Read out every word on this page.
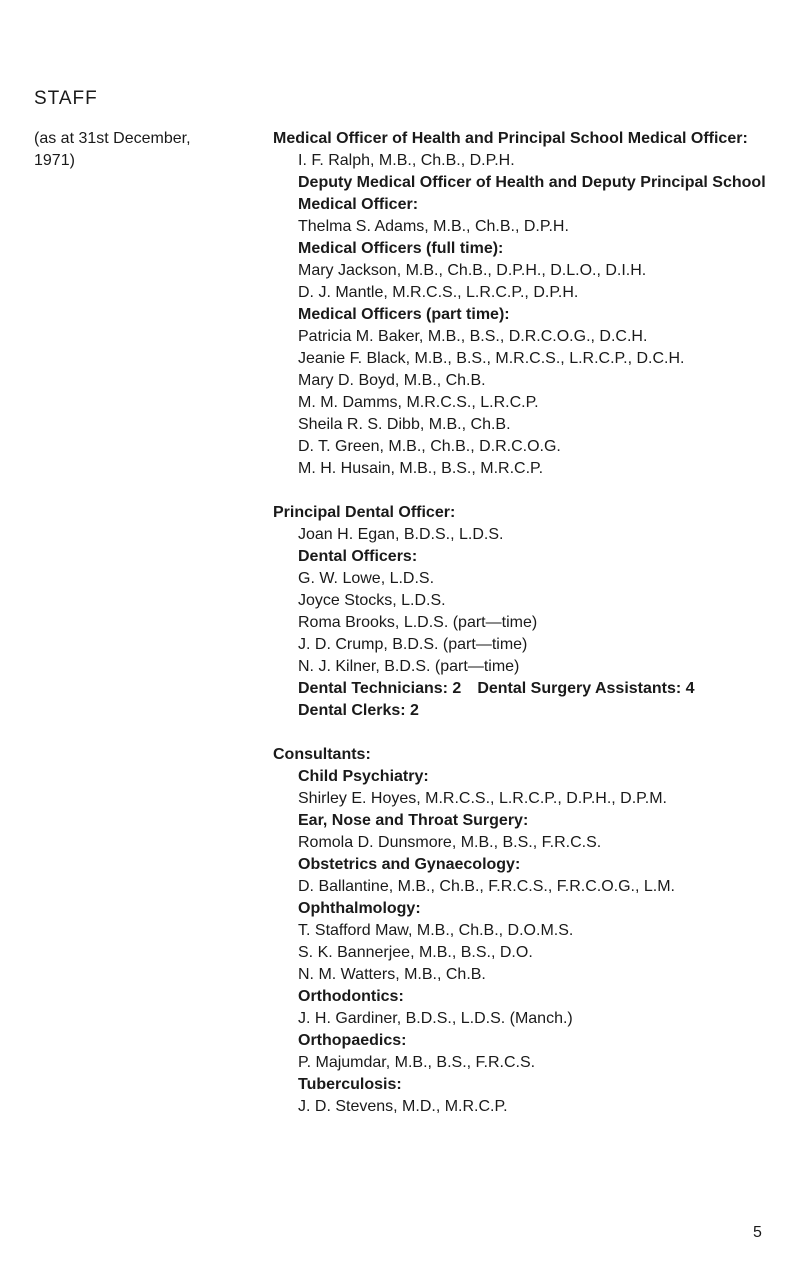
STAFF
(as at 31st December,
1971)
Medical Officer of Health and Principal School Medical Officer:
I. F. Ralph, M.B., Ch.B., D.P.H.
Deputy Medical Officer of Health and Deputy Principal School Medical Officer:
Thelma S. Adams, M.B., Ch.B., D.P.H.
Medical Officers (full time):
Mary Jackson, M.B., Ch.B., D.P.H., D.L.O., D.I.H.
D. J. Mantle, M.R.C.S., L.R.C.P., D.P.H.
Medical Officers (part time):
Patricia M. Baker, M.B., B.S., D.R.C.O.G., D.C.H.
Jeanie F. Black, M.B., B.S., M.R.C.S., L.R.C.P., D.C.H.
Mary D. Boyd, M.B., Ch.B.
M. M. Damms, M.R.C.S., L.R.C.P.
Sheila R. S. Dibb, M.B., Ch.B.
D. T. Green, M.B., Ch.B., D.R.C.O.G.
M. H. Husain, M.B., B.S., M.R.C.P.
Principal Dental Officer:
Joan H. Egan, B.D.S., L.D.S.
Dental Officers:
G. W. Lowe, L.D.S.
Joyce Stocks, L.D.S.
Roma Brooks, L.D.S. (part—time)
J. D. Crump, B.D.S. (part—time)
N. J. Kilner, B.D.S. (part—time)
Dental Technicians: 2 Dental Surgery Assistants: 4
Dental Clerks: 2
Consultants:
Child Psychiatry:
Shirley E. Hoyes, M.R.C.S., L.R.C.P., D.P.H., D.P.M.
Ear, Nose and Throat Surgery:
Romola D. Dunsmore, M.B., B.S., F.R.C.S.
Obstetrics and Gynaecology:
D. Ballantine, M.B., Ch.B., F.R.C.S., F.R.C.O.G., L.M.
Ophthalmology:
T. Stafford Maw, M.B., Ch.B., D.O.M.S.
S. K. Bannerjee, M.B., B.S., D.O.
N. M. Watters, M.B., Ch.B.
Orthodontics:
J. H. Gardiner, B.D.S., L.D.S. (Manch.)
Orthopaedics:
P. Majumdar, M.B., B.S., F.R.C.S.
Tuberculosis:
J. D. Stevens, M.D., M.R.C.P.
5
